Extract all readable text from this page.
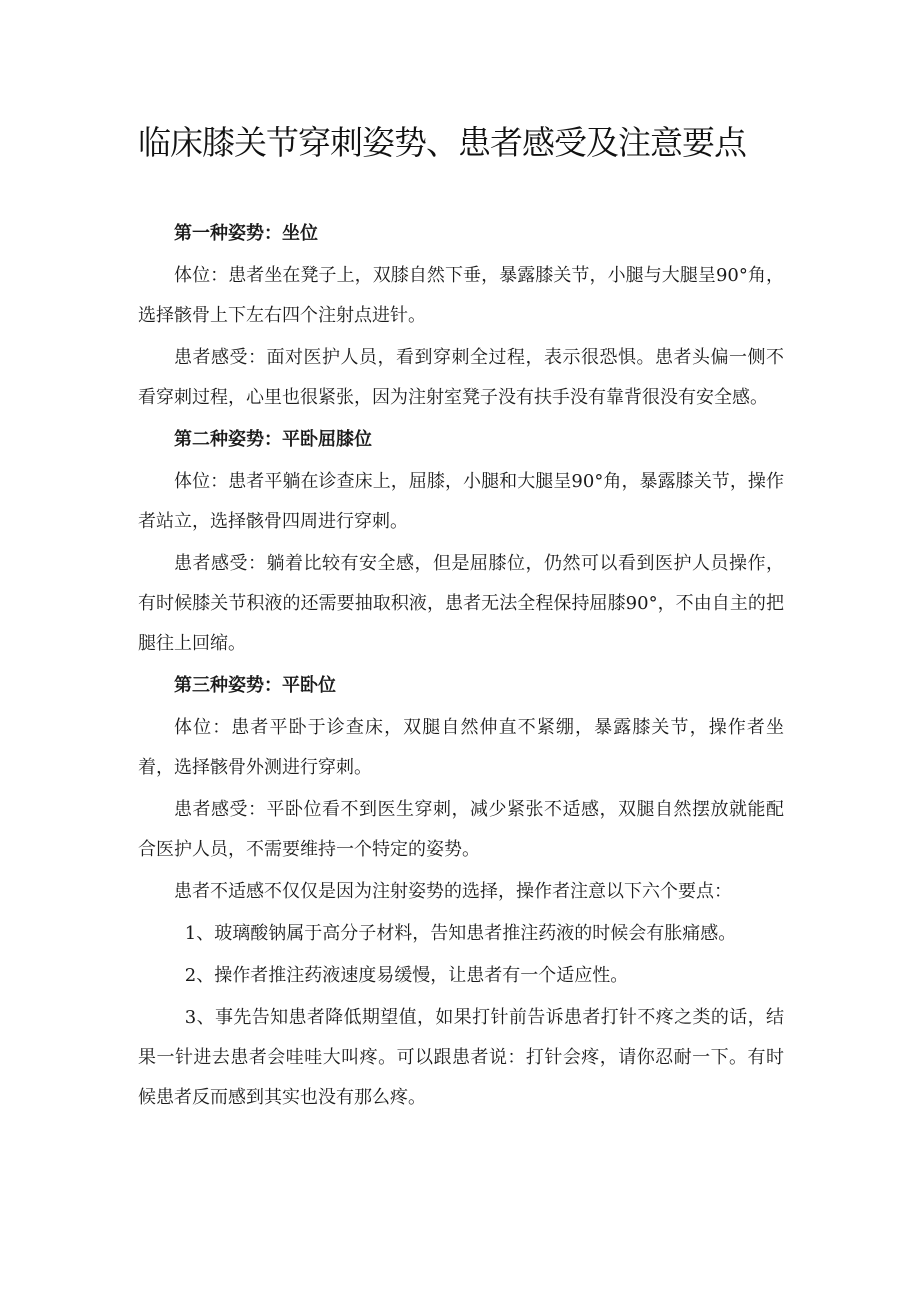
临床膝关节穿刺姿势、患者感受及注意要点

第一种姿势：坐位

体位：患者坐在凳子上，双膝自然下垂，暴露膝关节，小腿与大腿呈90°角，选择骸骨上下左右四个注射点进针。

患者感受：面对医护人员，看到穿刺全过程，表示很恐惧。患者头偏一侧不看穿刺过程，心里也很紧张，因为注射室凳子没有扶手没有靠背很没有安全感。

第二种姿势：平卧屈膝位

体位：患者平躺在诊查床上，屈膝，小腿和大腿呈90°角，暴露膝关节，操作者站立，选择骸骨四周进行穿刺。

患者感受：躺着比较有安全感，但是屈膝位，仍然可以看到医护人员操作，有时候膝关节积液的还需要抽取积液，患者无法全程保持屈膝90°，不由自主的把腿往上回缩。

第三种姿势：平卧位

体位：患者平卧于诊查床，双腿自然伸直不紧绷，暴露膝关节，操作者坐着，选择骸骨外测进行穿刺。

患者感受：平卧位看不到医生穿刺，减少紧张不适感，双腿自然摆放就能配合医护人员，不需要维持一个特定的姿势。

患者不适感不仅仅是因为注射姿势的选择，操作者注意以下六个要点：

1、玻璃酸钠属于高分子材料，告知患者推注药液的时候会有胀痛感。

2、操作者推注药液速度易缓慢，让患者有一个适应性。

3、事先告知患者降低期望值，如果打针前告诉患者打针不疼之类的话，结果一针进去患者会哇哇大叫疼。可以跟患者说：打针会疼，请你忍耐一下。有时候患者反而感到其实也没有那么疼。
